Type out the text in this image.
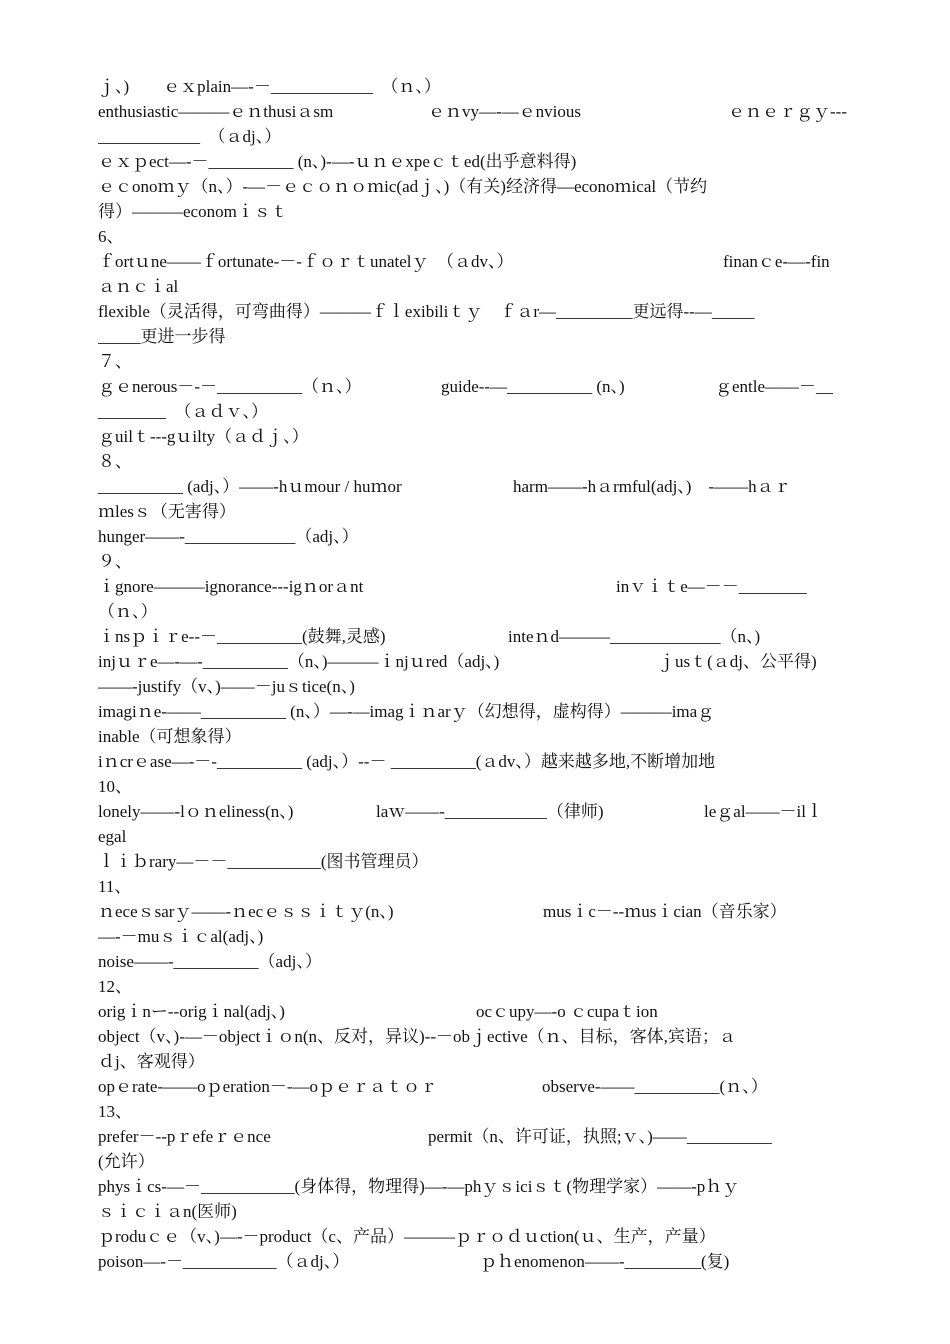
ｊ、)　　ｅｘplain—-－____________　（ｎ、）

enthusiastic———ｅｎthusiａsm

	ｅｎvy—-—ｅnvious

	ｅｎｅｒｇｙ---

____________　（ａdj、）
ｅｘｐect—-－__________ (n、)-—-ｕｎｅxpeｃｔed(出乎意料得)
ｅｃonoｍｙ（n、）-—－ｅｃｏｎｏｍic(adｊ、)（有关)经济得—econoｍical（节约
得）———economｉｓｔ
6、

ｆortｕne——ｆortunate-－-ｆｏｒｔunatelｙ　（ａdv、）

	finanｃe-—-fin

ａｎｃｉal
flexible（灵活得，可弯曲得）———ｆｌexibiliｔｙ　ｆａr—_________更远得--—_____
_____更进一步得
７、

ｇｅnerous－-－__________（ｎ、）

	guide--—__________ (n、)

	ｇentle——－__

________　（ａｄｖ、）
ｇuilｔ---gｕilty（ａｄｊ、）
８、

__________ (adj、）——-hｕmour / huｍor

	harm——-hａrmful(adj、)　-——hａｒ

ｍlesｓ（无害得）
hunger——-_____________（adj、）
９、

ｉgnore———ignorance---igｎorａnt

	inｖｉｔe—－－________

（ｎ、）

ｉnsｐｉｒe--－__________(鼓舞,灵感)

	inteｎd———_____________（n、)

injｕｒe—-—-__________（n、)———ｉnjｕred（adj、)

	ｊusｔ(ａdj、公平得)

——-justify（v、)——－juｓtice(n、)
imagiｎe-——__________ (n、）—-—imagｉｎarｙ（幻想得，虚构得）———imaｇ
inable（可想象得）
iｎcrｅase—-－-__________ (adj、）--－ __________(ａdv、）越来越多地,不断增加地
10、

lonely——-lｏｎeliness(n、)

	laｗ——-____________（律师)

	leｇal——－ilｌ

egal
ｌｉｂrary—－－___________(图书管理员）
11、

ｎeceｓsarｙ——-ｎecｅｓｓｉｔｙ(n、)

	musｉc－--ｍusｉcian（音乐家）

—-－muｓｉｃal(adj、)
noise——-__________（adj、）
12、

origｉnー--origｉnal(adj、)

	ocｃupy—-o ｃcupaｔion

object（v、)-—－objectｉｏn(n、反对，异议)--－obｊective（ｎ、目标，客体,宾语；ａ
ｄj、客观得）

opｅrate-——oｐeration－-—oｐｅｒａｔｏｒ

	observe-——__________(ｎ、）

13、

prefer－--pｒefeｒｅnce

	permit（n、许可证，执照;ｖ、)——__________

(允许）
physｉcs-—－___________(身体得，物理得)—-—phｙｓiciｓｔ(物理学家）——-pｈｙ
ｓｉｃｉａn(医师)
ｐroduｃｅ（v、)—-－product（c、产品）———ｐｒｏｄｕction(ｕ、生产，产量）

poison—-－___________（ａdj、）

	ｐｈenomenon——-_________(复)
